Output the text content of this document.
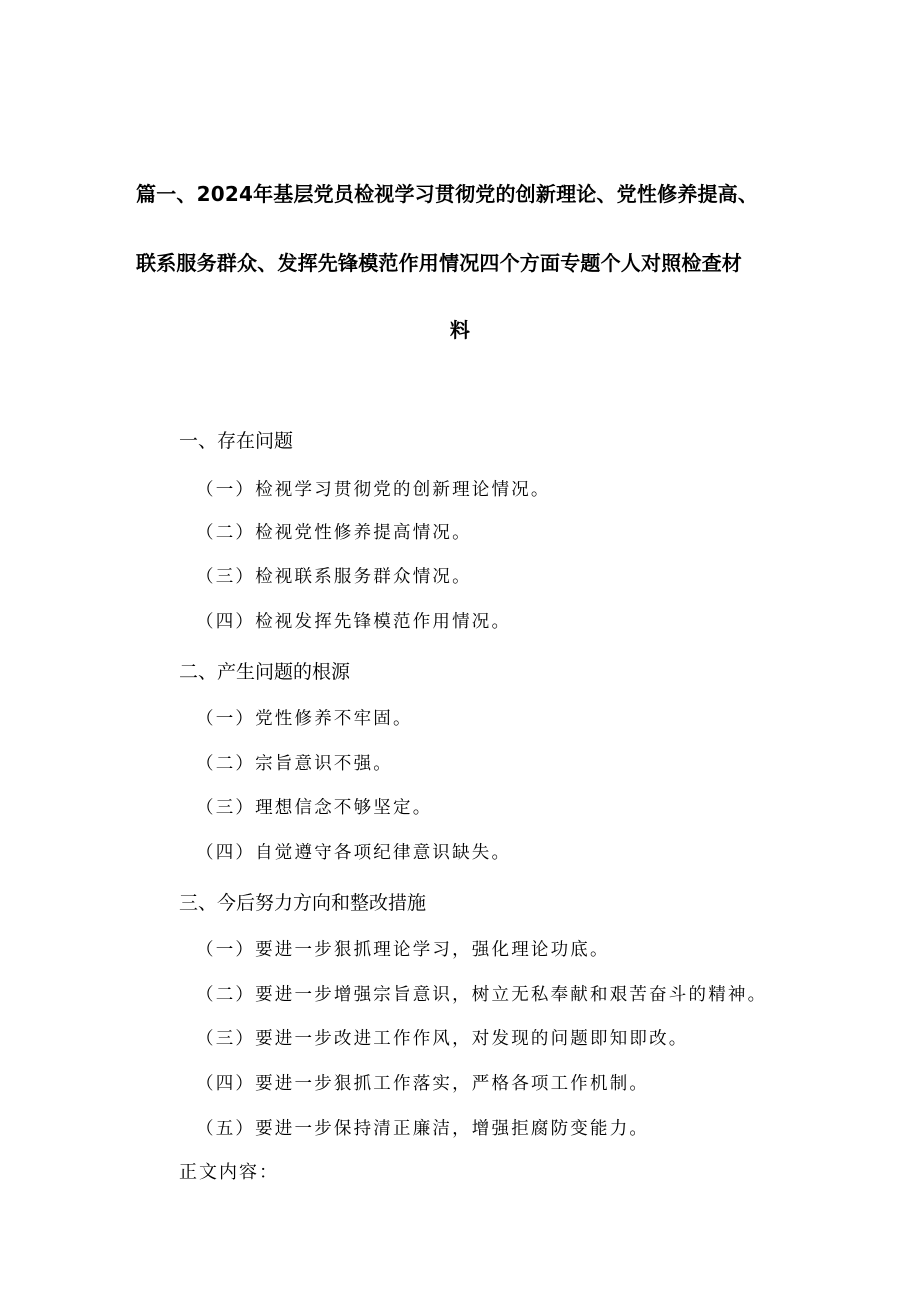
篇一、2024年基层党员检视学习贯彻党的创新理论、党性修养提高、
联系服务群众、发挥先锋模范作用情况四个方面专题个人对照检查材
料
一、存在问题
（一）检视学习贯彻党的创新理论情况。
（二）检视党性修养提高情况。
（三）检视联系服务群众情况。
（四）检视发挥先锋模范作用情况。
二、产生问题的根源
（一）党性修养不牢固。
（二）宗旨意识不强。
（三）理想信念不够坚定。
（四）自觉遵守各项纪律意识缺失。
三、今后努力方向和整改措施
（一）要进一步狠抓理论学习，强化理论功底。
（二）要进一步增强宗旨意识，树立无私奉献和艰苦奋斗的精神。
（三）要进一步改进工作作风，对发现的问题即知即改。
（四）要进一步狠抓工作落实，严格各项工作机制。
（五）要进一步保持清正廉洁，增强拒腐防变能力。
正文内容：
